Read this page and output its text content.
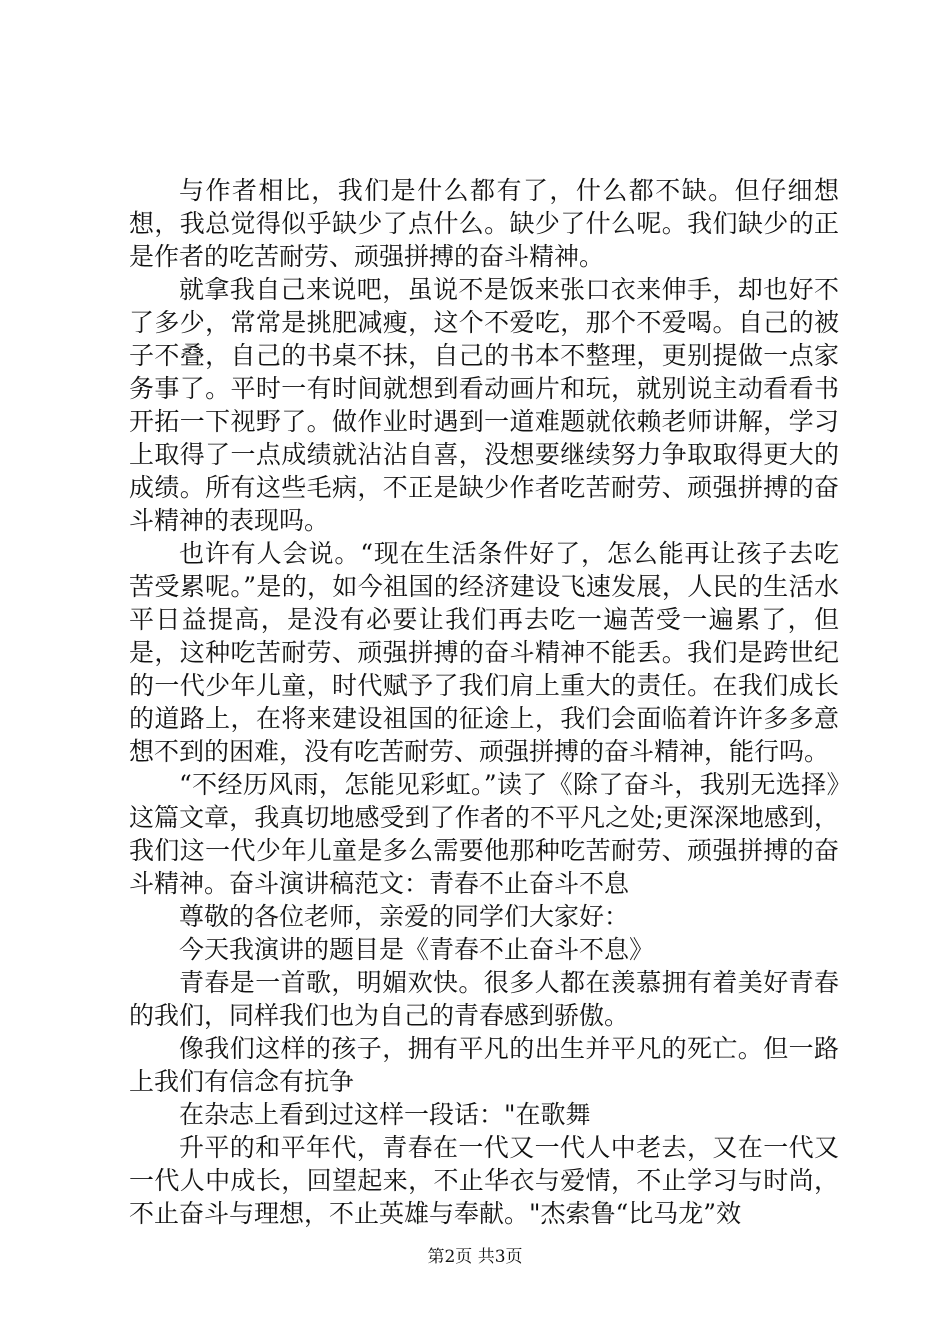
与作者相比，我们是什么都有了，什么都不缺。但仔细想想，我总觉得似乎缺少了点什么。缺少了什么呢。我们缺少的正是作者的吃苦耐劳、顽强拼搏的奋斗精神。

就拿我自己来说吧，虽说不是饭来张口衣来伸手，却也好不了多少，常常是挑肥减瘦，这个不爱吃，那个不爱喝。自己的被子不叠，自己的书桌不抹，自己的书本不整理，更别提做一点家务事了。平时一有时间就想到看动画片和玩，就别说主动看看书开拓一下视野了。做作业时遇到一道难题就依赖老师讲解，学习上取得了一点成绩就沾沾自喜，没想要继续努力争取取得更大的成绩。所有这些毛病，不正是缺少作者吃苦耐劳、顽强拼搏的奋斗精神的表现吗。

也许有人会说。“现在生活条件好了，怎么能再让孩子去吃苦受累呢。”是的，如今祖国的经济建设飞速发展，人民的生活水平日益提高，是没有必要让我们再去吃一遍苦受一遍累了，但是，这种吃苦耐劳、顽强拼搏的奋斗精神不能丢。我们是跨世纪的一代少年儿童，时代赋予了我们肩上重大的责任。在我们成长的道路上，在将来建设祖国的征途上，我们会面临着许许多多意想不到的困难，没有吃苦耐劳、顽强拼搏的奋斗精神，能行吗。

“不经历风雨，怎能见彩虹。”读了《除了奋斗，我别无选择》这篇文章，我真切地感受到了作者的不平凡之处;更深深地感到，我们这一代少年儿童是多么需要他那种吃苦耐劳、顽强拼搏的奋斗精神。奋斗演讲稿范文：青春不止奋斗不息

尊敬的各位老师，亲爱的同学们大家好：

今天我演讲的题目是《青春不止奋斗不息》

青春是一首歌，明媚欢快。很多人都在羡慕拥有着美好青春的我们，同样我们也为自己的青春感到骄傲。

像我们这样的孩子，拥有平凡的出生并平凡的死亡。但一路上我们有信念有抗争

在杂志上看到过这样一段话："在歌舞

升平的和平年代，青春在一代又一代人中老去，又在一代又一代人中成长，回望起来，不止华衣与爱情，不止学习与时尚，不止奋斗与理想，不止英雄与奉献。"杰索鲁“比马龙”效

第2页 共3页
